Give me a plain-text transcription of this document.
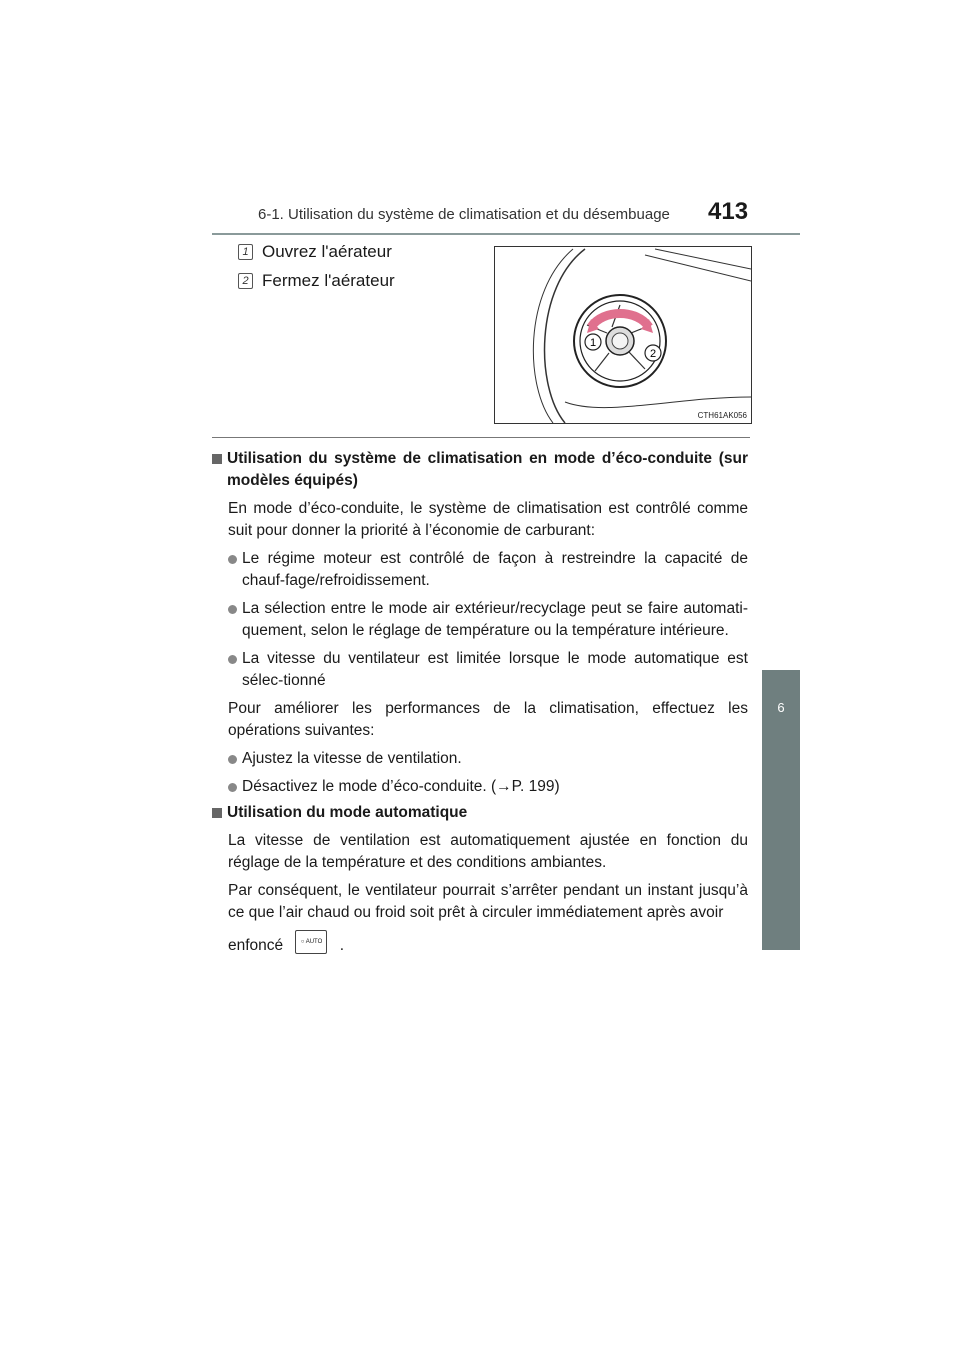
6-1. Utilisation du système de climatisation et du désembuage	413
6
Équipements intérieurs
1 Ouvrez l'aérateur
2 Fermez l'aérateur
1
2
CTH61AK056
Utilisation du système de climatisation en mode d’éco-conduite (sur modèles équipés)
En mode d’éco-conduite, le système de climatisation est contrôlé comme suit pour donner la priorité à l’économie de carburant:
Le régime moteur est contrôlé de façon à restreindre la capacité de chauf-fage/refroidissement.
La sélection entre le mode air extérieur/recyclage peut se faire automati-quement, selon le réglage de température ou la température intérieure.
La vitesse du ventilateur est limitée lorsque le mode automatique est sélec-tionné
Pour améliorer les performances de la climatisation, effectuez les opérations suivantes:
Ajustez la vitesse de ventilation.
Désactivez le mode d’éco-conduite. (→P. 199)
Utilisation du mode automatique
La vitesse de ventilation est automatiquement ajustée en fonction du réglage de la température et des conditions ambiantes.
Par conséquent, le ventilateur pourrait s’arrêter pendant un instant jusqu’à ce que l’air chaud ou froid soit prêt à circuler immédiatement après avoir
enfoncé	○ AUTO .
